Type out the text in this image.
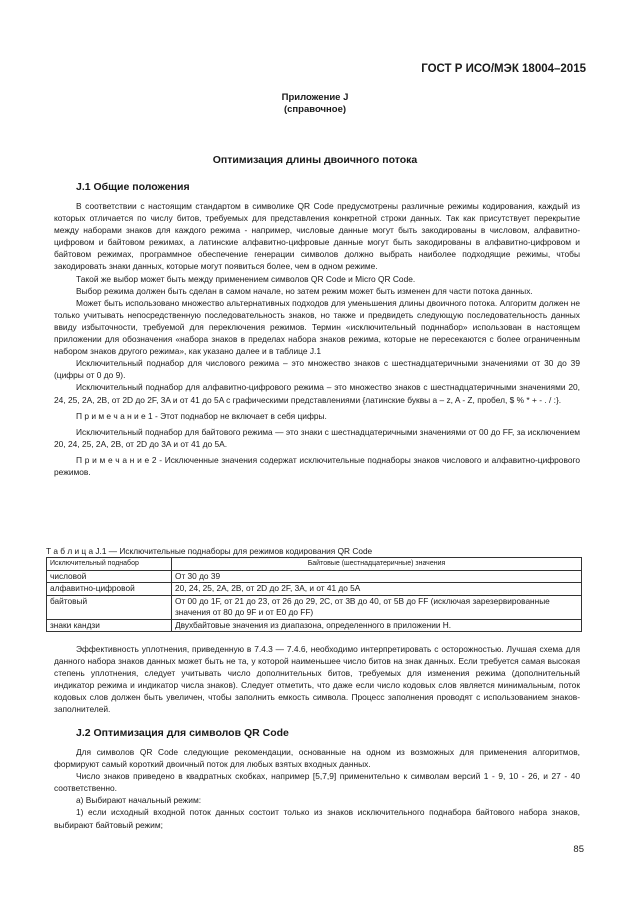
ГОСТ Р ИСО/МЭК 18004–2015
Приложение J
(справочное)
Оптимизация длины двоичного потока
J.1 Общие положения

В соответствии с настоящим стандартом в символике QR Code предусмотрены различные режимы кодирования, каждый из которых отличается по числу битов, требуемых для представления конкретной строки данных. Так как присутствует перекрытие между наборами знаков для каждого режима - например, числовые данные могут быть закодированы в числовом, алфавитно-цифровом и байтовом режимах, а латинские алфавитно-цифровые данные могут быть закодированы в алфавитно-цифровом и байтовом режимах, программное обеспечение генерации символов должно выбрать наиболее подходящие режимы, чтобы закодировать знаки данных, которые могут появиться более, чем в одном режиме.

Такой же выбор может быть между применением символов QR Code и Micro QR Code.

Выбор режима должен быть сделан в самом начале, но затем режим может быть изменен для части потока данных.

Может быть использовано множество альтернативных подходов для уменьшения длины двоичного потока. Алгоритм должен не только учитывать непосредственную последовательность знаков, но также и предвидеть следующую последовательность данных ввиду избыточности, требуемой для переключения режимов. Термин «исключительный подннабор» использован в настоящем приложении для обозначения «набора знаков в пределах набора знаков режима, которые не пересекаются с более ограниченным набором знаков другого режима», как указано далее и в таблице J.1

Исключительный поднабор для числового режима – это множество знаков с шестнадцатеричными значениями от 30 до 39 (цифры от 0 до 9).

Исключительный поднабор для алфавитно-цифрового режима – это множество знаков с шестнадцатеричными значениями 20, 24, 25, 2A, 2B, от 2D до 2F, 3A и от 41 до 5A с графическими представлениями {латинские буквы a – z, A - Z, пробел, $ % * + - . / :}.

П р и м е ч а н и е 1 - Этот поднабор не включает в себя цифры.

Исключительный поднабор для байтового режима — это знаки с шестнадцатеричными значениями от 00 до FF, за исключением 20, 24, 25, 2A, 2B, от 2D до 3A и от 41 до 5A.

П р и м е ч а н и е 2 - Исключенные значения содержат исключительные поднаборы знаков числового и алфавитно-цифрового режимов.

Т а б л и ц а J.1 — Исключительные поднаборы для режимов кодирования QR Code
Исключительный поднабор	Байтовые (шестнадцатеричные) значения
числовой	От 30 до 39
алфавитно-цифровой	20, 24, 25, 2A, 2B, от 2D до 2F, 3A, и от 41 до 5A
байтовый	От 00 до 1F, от 21 до 23, от 26 до 29, 2C, от 3B до 40, от 5B до FF (исключая зарезервированные значения от 80 до 9F и от E0 до FF)
знаки кандзи	Двухбайтовые значения из диапазона, определенного в приложении H.

Эффективность уплотнения, приведенную в 7.4.3 — 7.4.6, необходимо интерпретировать с осторожностью. Лучшая схема для данного набора знаков данных может быть не та, у которой наименьшее число битов на знак данных. Если требуется самая высокая степень уплотнения, следует учитывать число дополнительных битов, требуемых для изменения режима (дополнительный индикатор режима и индикатор числа знаков). Следует отметить, что даже если число кодовых слов является минимальным, поток кодовых слов должен быть увеличен, чтобы заполнить емкость символа. Процесс заполнения проводят с использованием знаков-заполнителей.

J.2 Оптимизация для символов QR Code

Для символов QR Code следующие рекомендации, основанные на одном из возможных для применения алгоритмов, формируют самый короткий двоичный поток для любых взятых входных данных.

Число знаков приведено в квадратных скобках, например [5,7,9] применительно к символам версий 1 - 9, 10 - 26, и 27 - 40 соответственно.

a) Выбирают начальный режим:

1) если исходный входной поток данных состоит только из знаков исключительного поднабора байтового набора знаков, выбирают байтовый режим;

85
